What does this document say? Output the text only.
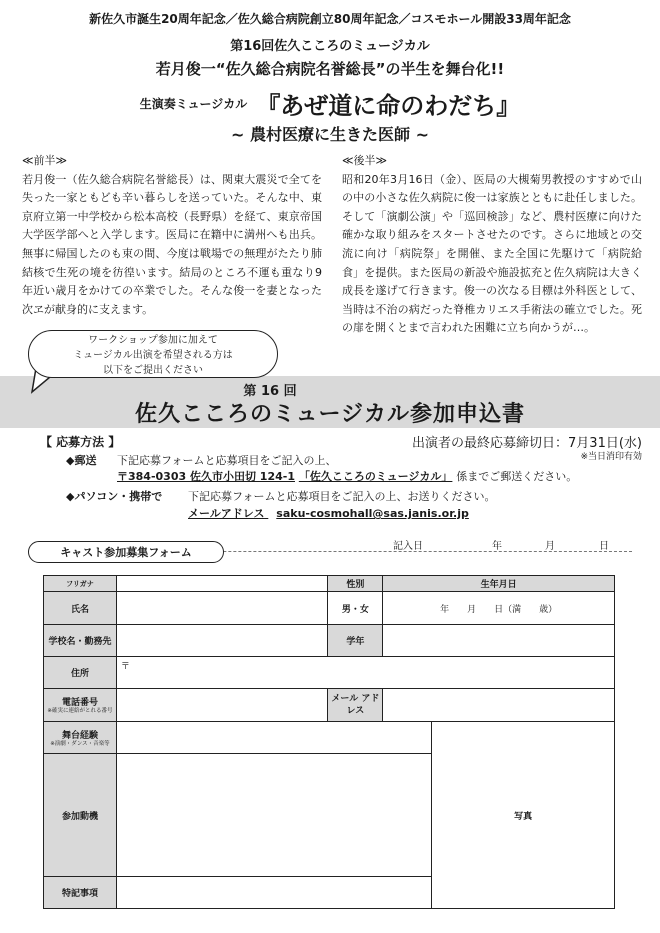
新佐久市誕生20周年記念／佐久総合病院創立80周年記念／コスモホール開設33周年記念
第16回佐久こころのミュージカル
若月俊一“佐久総合病院名誉総長”の半生を舞台化!!
生演奏ミュージカル 『あぜ道に命のわだち』
~ 農村医療に生きた医師 ~
≪前半≫
若月俊一（佐久総合病院名誉総長）は、関東大震災で全てを失った一家ともども辛い暮らしを送っていた。そんな中、東京府立第一中学校から松本高校（長野県）を経て、東京帝国大学医学部へと入学します。医局に在籍中に満州へも出兵。無事に帰国したのも束の間、今度は戦場での無理がたたり肺結核で生死の境を彷徨います。結局のところ不運も重なり9年近い歳月をかけての卒業でした。そんな俊一を妻となった次ヱが献身的に支えます。
≪後半≫
昭和20年3月16日（金）、医局の大槻菊男教授のすすめで山の中の小さな佐久病院に俊一は家族とともに赴任しました。そして「演劇公演」や「巡回検診」など、農村医療に向けた確かな取り組みをスタートさせたのです。さらに地域との交流に向け「病院祭」を開催、また全国に先駆けて「病院給食」を提供。また医局の新設や施設拡充と佐久病院は大きく成長を遂げて行きます。俊一の次なる目標は外科医として、当時は不治の病だった脊椎カリエス手術法の確立でした。死の扉を開くとまで言われた困難に立ち向かうが…。
ワークショップ参加に加えて
ミュージカル出演を希望される方は
以下をご提出ください
第 16 回
佐久こころのミュージカル参加申込書
【 応募方法 】	出演者の最終応募締切日：7月31日(水)
※当日消印有効
◆郵送 下記応募フォームと応募項目をご記入の上、
〒384-0303 佐久市小田切 124-1 「佐久こころのミュージカル」 係までご郵送ください。
◆パソコン・携帯で 下記応募フォームと応募項目をご記入の上、お送りください。
メールアドレス saku-cosmohall@sas.janis.or.jp
キャスト参加募集フォーム	記入日	年	月	日
フリガナ		性別	生年月日	
氏名		男・女	年　　月　　日（満　　歳）	
学校名・勤務先		学年		
住所	〒			
電話番号
※確実に連絡がとれる番号		メール アドレス		
舞台経験
※演劇・ダンス・音楽等				写真
参加動機				
特記事項				
